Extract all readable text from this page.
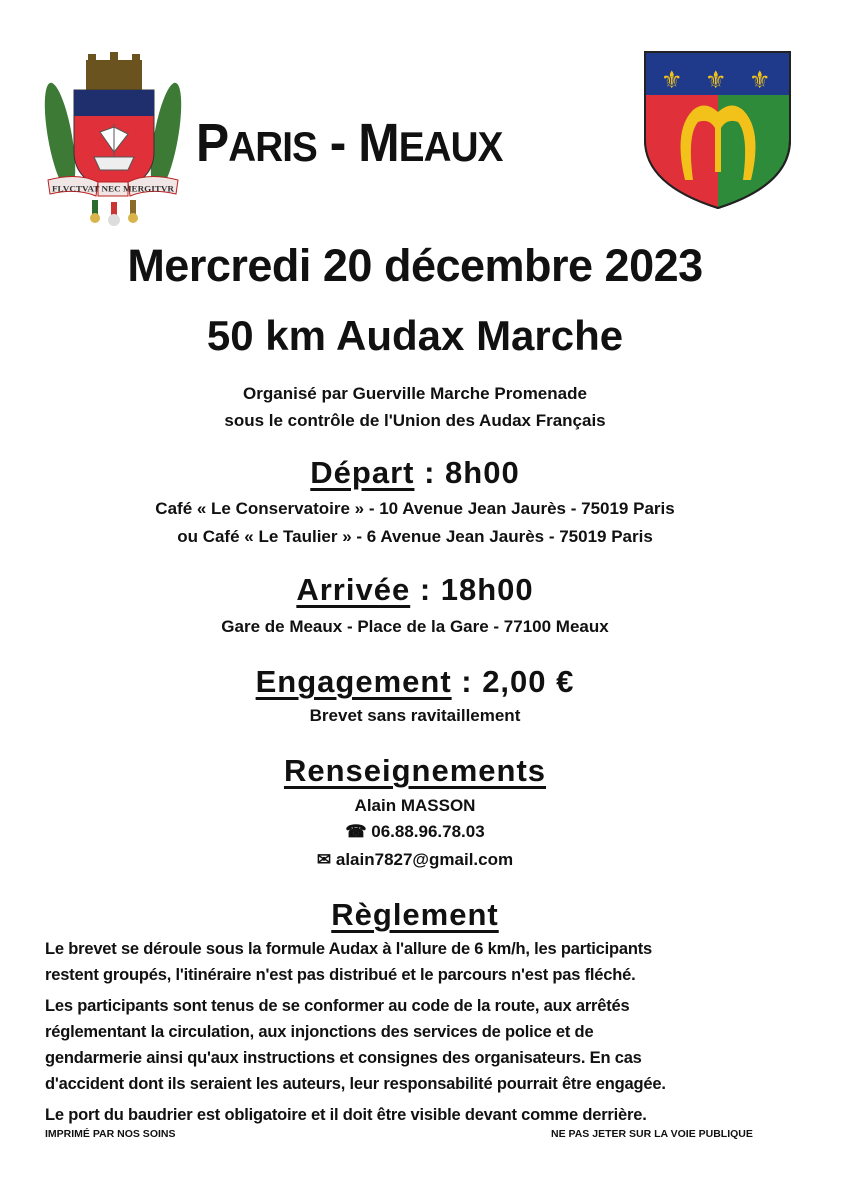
FLVCTVAT NEC MERGITVR
⚜ ⚜ ⚜
PARIS - MEAUX
Mercredi 20 décembre 2023
50 km Audax Marche
Organisé par Guerville Marche Promenade
sous le contrôle de l'Union des Audax Français
Départ : 8h00
Café « Le Conservatoire » - 10 Avenue Jean Jaurès - 75019 Paris
ou Café « Le Taulier » - 6 Avenue Jean Jaurès - 75019 Paris
Arrivée : 18h00
Gare de Meaux - Place de la Gare - 77100 Meaux
Engagement : 2,00 €
Brevet sans ravitaillement
Renseignements
Alain MASSON
☎ 06.88.96.78.03
✉ alain7827@gmail.com
Règlement

Le brevet se déroule sous la formule Audax à l'allure de 6 km/h, les participants
restent groupés, l'itinéraire n'est pas distribué et le parcours n'est pas fléché.

Les participants sont tenus de se conformer au code de la route, aux arrêtés
réglementant la circulation, aux injonctions des services de police et de
gendarmerie ainsi qu'aux instructions et consignes des organisateurs. En cas
d'accident dont ils seraient les auteurs, leur responsabilité pourrait être engagée.

Le port du baudrier est obligatoire et il doit être visible devant comme derrière.

IMPRIMÉ PAR NOS SOINS	NE PAS JETER SUR LA VOIE PUBLIQUE
